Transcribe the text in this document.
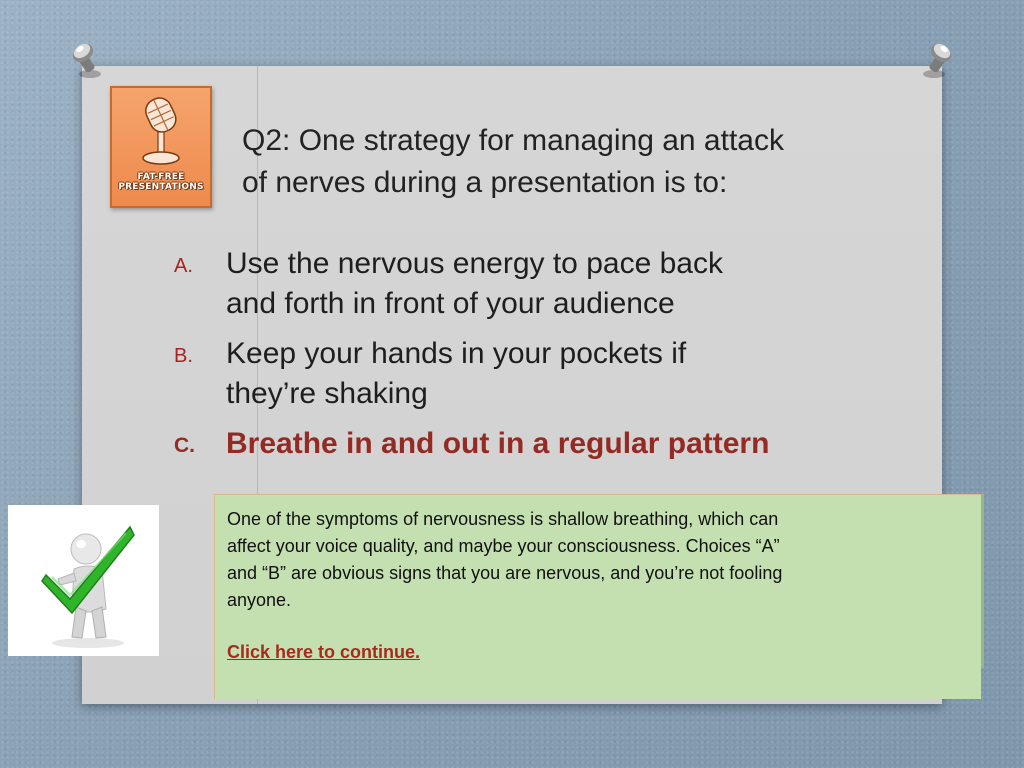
FAT-FREE
PRESENTATIONS
Q2: One strategy for managing an attack
of nerves during a presentation is to:
A. Use the nervous energy to pace back
and forth in front of your audience
B. Keep your hands in your pockets if
they’re shaking
C. Breathe in and out in a regular pattern

One of the symptoms of nervousness is shallow breathing, which can
affect your voice quality, and maybe your consciousness. Choices “A”
and “B” are obvious signs that you are nervous, and you’re not fooling
anyone.

Click here to continue.
